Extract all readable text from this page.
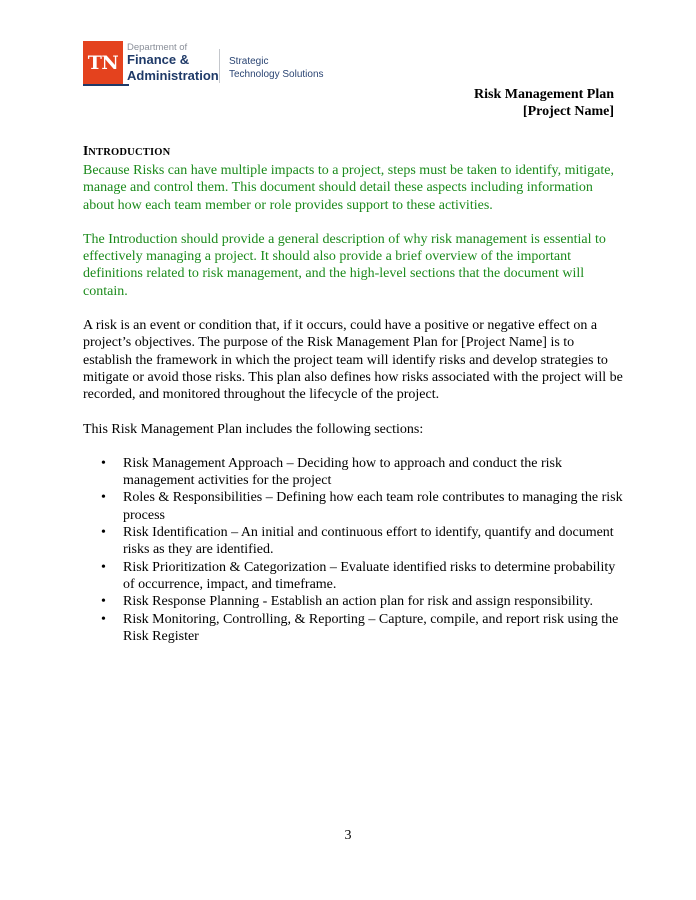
TN
Department of
Finance &
Administration
Strategic
Technology Solutions
Risk Management Plan
[Project Name]
INTRODUCTION

Because Risks can have multiple impacts to a project, steps must be taken to identify, mitigate, manage and control them. This document should detail these aspects including information about how each team member or role provides support to these activities.

The Introduction should provide a general description of why risk management is essential to effectively managing a project. It should also provide a brief overview of the important definitions related to risk management, and the high-level sections that the document will contain.

A risk is an event or condition that, if it occurs, could have a positive or negative effect on a project’s objectives. The purpose of the Risk Management Plan for [Project Name] is to establish the framework in which the project team will identify risks and develop strategies to mitigate or avoid those risks. This plan also defines how risks associated with the project will be recorded, and monitored throughout the lifecycle of the project.

This Risk Management Plan includes the following sections:

• Risk Management Approach – Deciding how to approach and conduct the risk management activities for the project
• Roles & Responsibilities – Defining how each team role contributes to managing the risk process
• Risk Identification – An initial and continuous effort to identify, quantify and document risks as they are identified.
• Risk Prioritization & Categorization – Evaluate identified risks to determine probability of occurrence, impact, and timeframe.
• Risk Response Planning - Establish an action plan for risk and assign responsibility.
• Risk Monitoring, Controlling, & Reporting – Capture, compile, and report risk using the Risk Register
3
